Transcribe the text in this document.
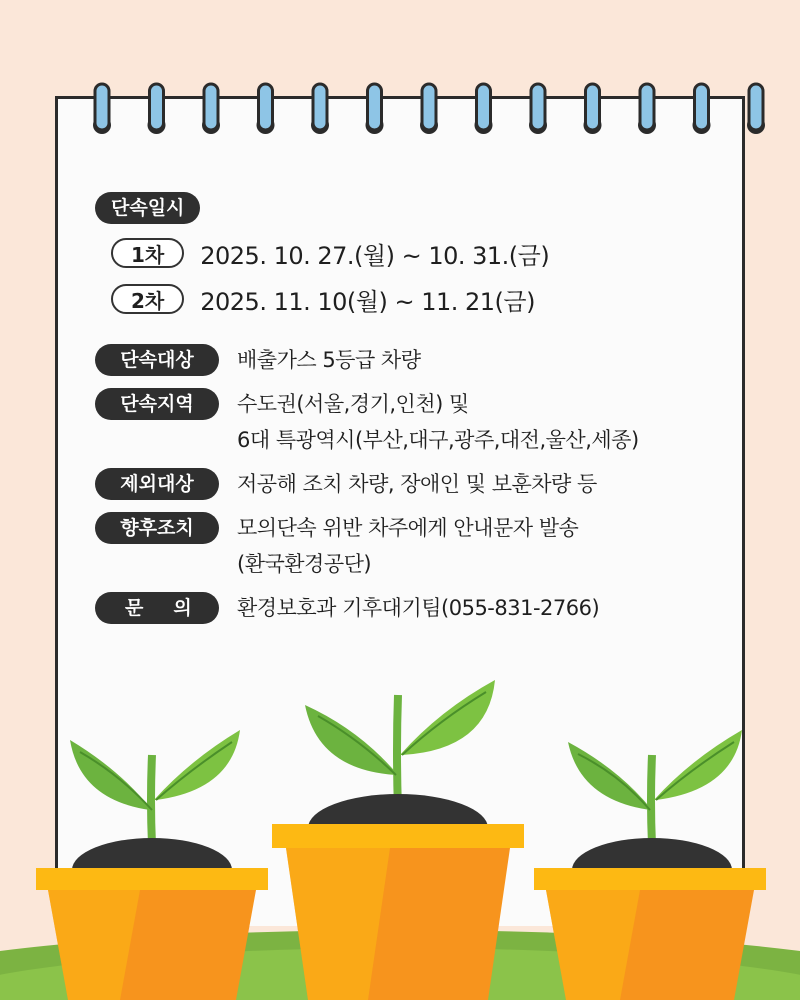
단속일시
1차	2025. 10. 27.(월) ~ 10. 31.(금)
2차	2025. 11. 10(월) ~ 11. 21(금)
단속대상	배출가스 5등급 차량
단속지역	수도권(서울,경기,인천) 및
6대 특광역시(부산,대구,광주,대전,울산,세종)
제외대상	저공해 조치 차량, 장애인 및 보훈차량 등
향후조치	모의단속 위반 차주에게 안내문자 발송
(환국환경공단)
문의 환경보호과 기후대기팀(055-831-2766)
